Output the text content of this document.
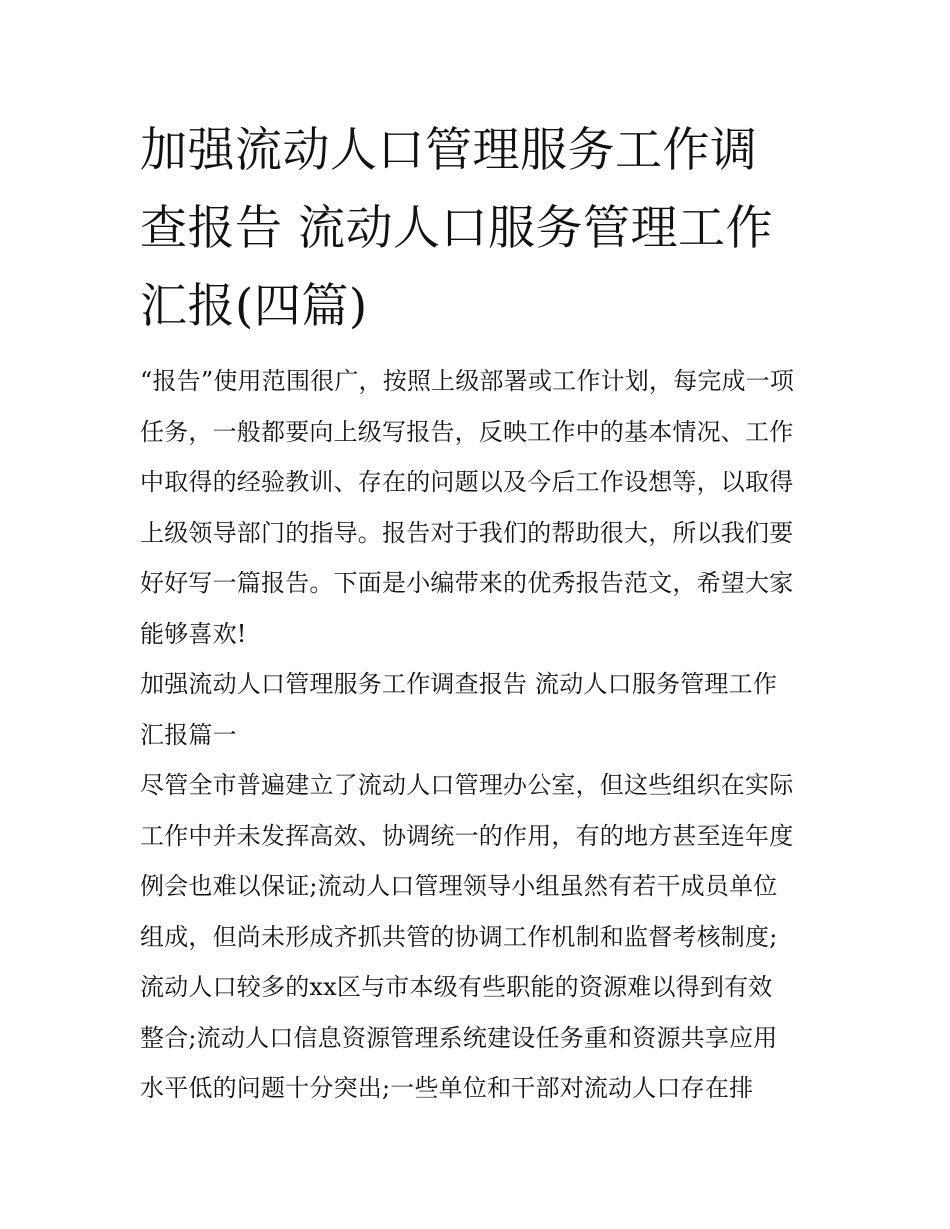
加强流动人口管理服务工作调
查报告 流动人口服务管理工作
汇报(四篇)
“报告”使用范围很广，按照上级部署或工作计划，每完成一项
任务，一般都要向上级写报告，反映工作中的基本情况、工作
中取得的经验教训、存在的问题以及今后工作设想等，以取得
上级领导部门的指导。报告对于我们的帮助很大，所以我们要
好好写一篇报告。下面是小编带来的优秀报告范文，希望大家
能够喜欢!
加强流动人口管理服务工作调查报告 流动人口服务管理工作
汇报篇一
尽管全市普遍建立了流动人口管理办公室，但这些组织在实际
工作中并未发挥高效、协调统一的作用，有的地方甚至连年度
例会也难以保证;流动人口管理领导小组虽然有若干成员单位
组成，但尚未形成齐抓共管的协调工作机制和监督考核制度;
流动人口较多的xx区与市本级有些职能的资源难以得到有效
整合;流动人口信息资源管理系统建设任务重和资源共享应用
水平低的问题十分突出;一些单位和干部对流动人口存在排
